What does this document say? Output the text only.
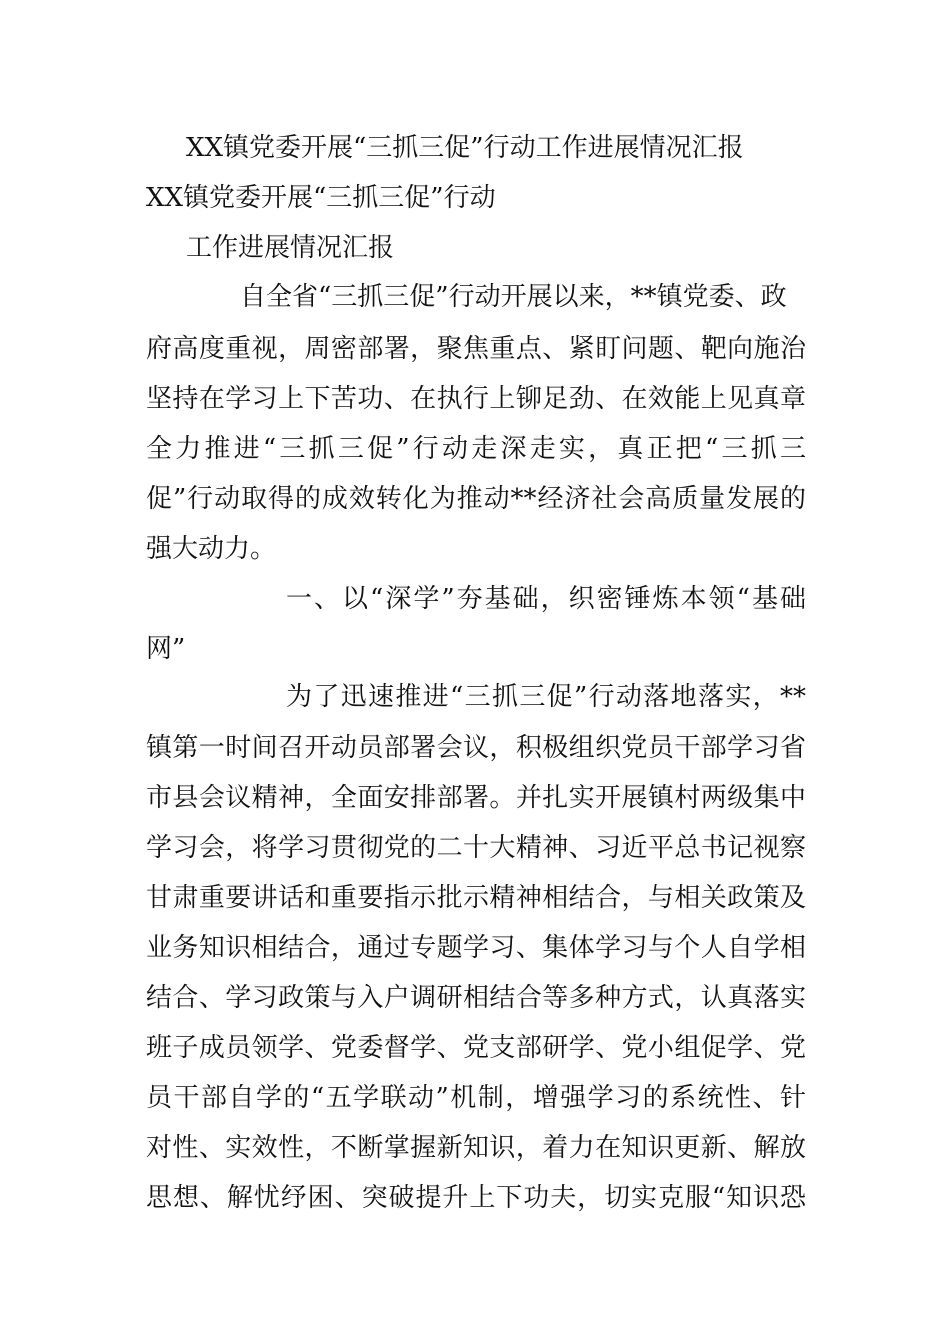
XX镇党委开展“三抓三促”行动工作进展情况汇报
XX镇党委开展“三抓三促”行动
工作进展情况汇报
自全省“三抓三促”行动开展以来，**镇党委、政
府高度重视，周密部署，聚焦重点、紧盯问题、靶向施治
坚持在学习上下苦功、在执行上铆足劲、在效能上见真章
全力推进“三抓三促”行动走深走实，真正把“三抓三
促”行动取得的成效转化为推动**经济社会高质量发展的
强大动力。
一、以“深学”夯基础，织密锤炼本领“基础
网”
为了迅速推进“三抓三促”行动落地落实，**
镇第一时间召开动员部署会议，积极组织党员干部学习省
市县会议精神，全面安排部署。并扎实开展镇村两级集中
学习会，将学习贯彻党的二十大精神、习近平总书记视察
甘肃重要讲话和重要指示批示精神相结合，与相关政策及
业务知识相结合，通过专题学习、集体学习与个人自学相
结合、学习政策与入户调研相结合等多种方式，认真落实
班子成员领学、党委督学、党支部研学、党小组促学、党
员干部自学的“五学联动”机制，增强学习的系统性、针
对性、实效性，不断掌握新知识，着力在知识更新、解放
思想、解忧纾困、突破提升上下功夫，切实克服“知识恐
